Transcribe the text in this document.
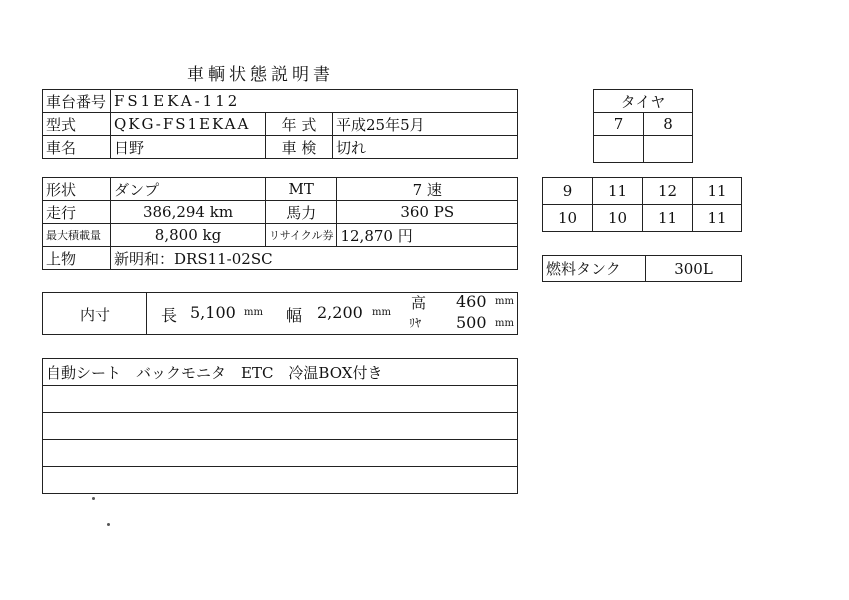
車輌状態説明書
車台番号	FS1EKA-112		
型式	QKG-FS1EKAA	年 式	平成25年5月
車名	日野	車 検	切れ
形状	ダンプ	MT	7 速
走行	386,294 km	馬力	360 PS
最大積載量	8,800 kg	リサイクル券	12,870 円
上物	新明和：DRS11-02SC		
内寸	長 5,100 mm 幅 2,200 mm
高 460 mm
ﾘﾔ 500 mm
自動シート　バックモニタ　ETC　冷温BOX付き

タイヤ	
7	8

9	11	12	11
10	10	11	11
燃料タンク	300L
